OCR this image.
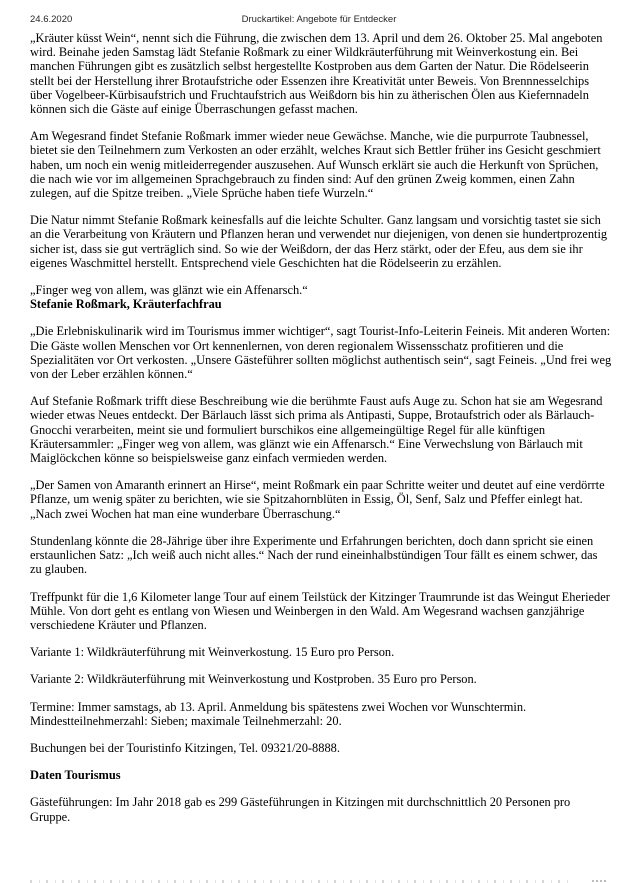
24.6.2020	Druckartikel: Angebote für Entdecker

„Kräuter küsst Wein“, nennt sich die Führung, die zwischen dem 13. April und dem 26. Oktober 25. Mal angeboten wird. Beinahe jeden Samstag lädt Stefanie Roßmark zu einer Wildkräuterführung mit Weinverkostung ein. Bei manchen Führungen gibt es zusätzlich selbst hergestellte Kostproben aus dem Garten der Natur. Die Rödelseerin stellt bei der Herstellung ihrer Brotaufstriche oder Essenzen ihre Kreativität unter Beweis. Von Brennnesselchips über Vogelbeer-Kürbisaufstrich und Fruchtaufstrich aus Weißdorn bis hin zu ätherischen Ölen aus Kiefernnadeln können sich die Gäste auf einige Überraschungen gefasst machen.

Am Wegesrand findet Stefanie Roßmark immer wieder neue Gewächse. Manche, wie die purpurrote Taubnessel, bietet sie den Teilnehmern zum Verkosten an oder erzählt, welches Kraut sich Bettler früher ins Gesicht geschmiert haben, um noch ein wenig mitleiderregender auszusehen. Auf Wunsch erklärt sie auch die Herkunft von Sprüchen, die nach wie vor im allgemeinen Sprachgebrauch zu finden sind: Auf den grünen Zweig kommen, einen Zahn zulegen, auf die Spitze treiben. „Viele Sprüche haben tiefe Wurzeln.“

Die Natur nimmt Stefanie Roßmark keinesfalls auf die leichte Schulter. Ganz langsam und vorsichtig tastet sie sich an die Verarbeitung von Kräutern und Pflanzen heran und verwendet nur diejenigen, von denen sie hundertprozentig sicher ist, dass sie gut verträglich sind. So wie der Weißdorn, der das Herz stärkt, oder der Efeu, aus dem sie ihr eigenes Waschmittel herstellt. Entsprechend viele Geschichten hat die Rödelseerin zu erzählen.

„Finger weg von allem, was glänzt wie ein Affenarsch.“

Stefanie Roßmark, Kräuterfachfrau

„Die Erlebniskulinarik wird im Tourismus immer wichtiger“, sagt Tourist-Info-Leiterin Feineis. Mit anderen Worten: Die Gäste wollen Menschen vor Ort kennenlernen, von deren regionalem Wissensschatz profitieren und die Spezialitäten vor Ort verkosten. „Unsere Gästeführer sollten möglichst authentisch sein“, sagt Feineis. „Und frei weg von der Leber erzählen können.“

Auf Stefanie Roßmark trifft diese Beschreibung wie die berühmte Faust aufs Auge zu. Schon hat sie am Wegesrand wieder etwas Neues entdeckt. Der Bärlauch lässt sich prima als Antipasti, Suppe, Brotaufstrich oder als Bärlauch-Gnocchi verarbeiten, meint sie und formuliert burschikos eine allgemeingültige Regel für alle künftigen Kräutersammler: „Finger weg von allem, was glänzt wie ein Affenarsch.“ Eine Verwechslung von Bärlauch mit Maiglöckchen könne so beispielsweise ganz einfach vermieden werden.

„Der Samen von Amaranth erinnert an Hirse“, meint Roßmark ein paar Schritte weiter und deutet auf eine verdörrte Pflanze, um wenig später zu berichten, wie sie Spitzahornblüten in Essig, Öl, Senf, Salz und Pfeffer einlegt hat. „Nach zwei Wochen hat man eine wunderbare Überraschung.“

Stundenlang könnte die 28-Jährige über ihre Experimente und Erfahrungen berichten, doch dann spricht sie einen erstaunlichen Satz: „Ich weiß auch nicht alles.“ Nach der rund eineinhalbstündigen Tour fällt es einem schwer, das zu glauben.

Treffpunkt für die 1,6 Kilometer lange Tour auf einem Teilstück der Kitzinger Traumrunde ist das Weingut Eherieder Mühle. Von dort geht es entlang von Wiesen und Weinbergen in den Wald. Am Wegesrand wachsen ganzjährige verschiedene Kräuter und Pflanzen.

Variante 1: Wildkräuterführung mit Weinverkostung. 15 Euro pro Person.

Variante 2: Wildkräuterführung mit Weinverkostung und Kostproben. 35 Euro pro Person.

Termine: Immer samstags, ab 13. April. Anmeldung bis spätestens zwei Wochen vor Wunschtermin. Mindestteilnehmerzahl: Sieben; maximale Teilnehmerzahl: 20.

Buchungen bei der Touristinfo Kitzingen, Tel. 09321/20-8888.

Daten Tourismus

Gästeführungen: Im Jahr 2018 gab es 299 Gästeführungen in Kitzingen mit durchschnittlich 20 Personen pro Gruppe.
